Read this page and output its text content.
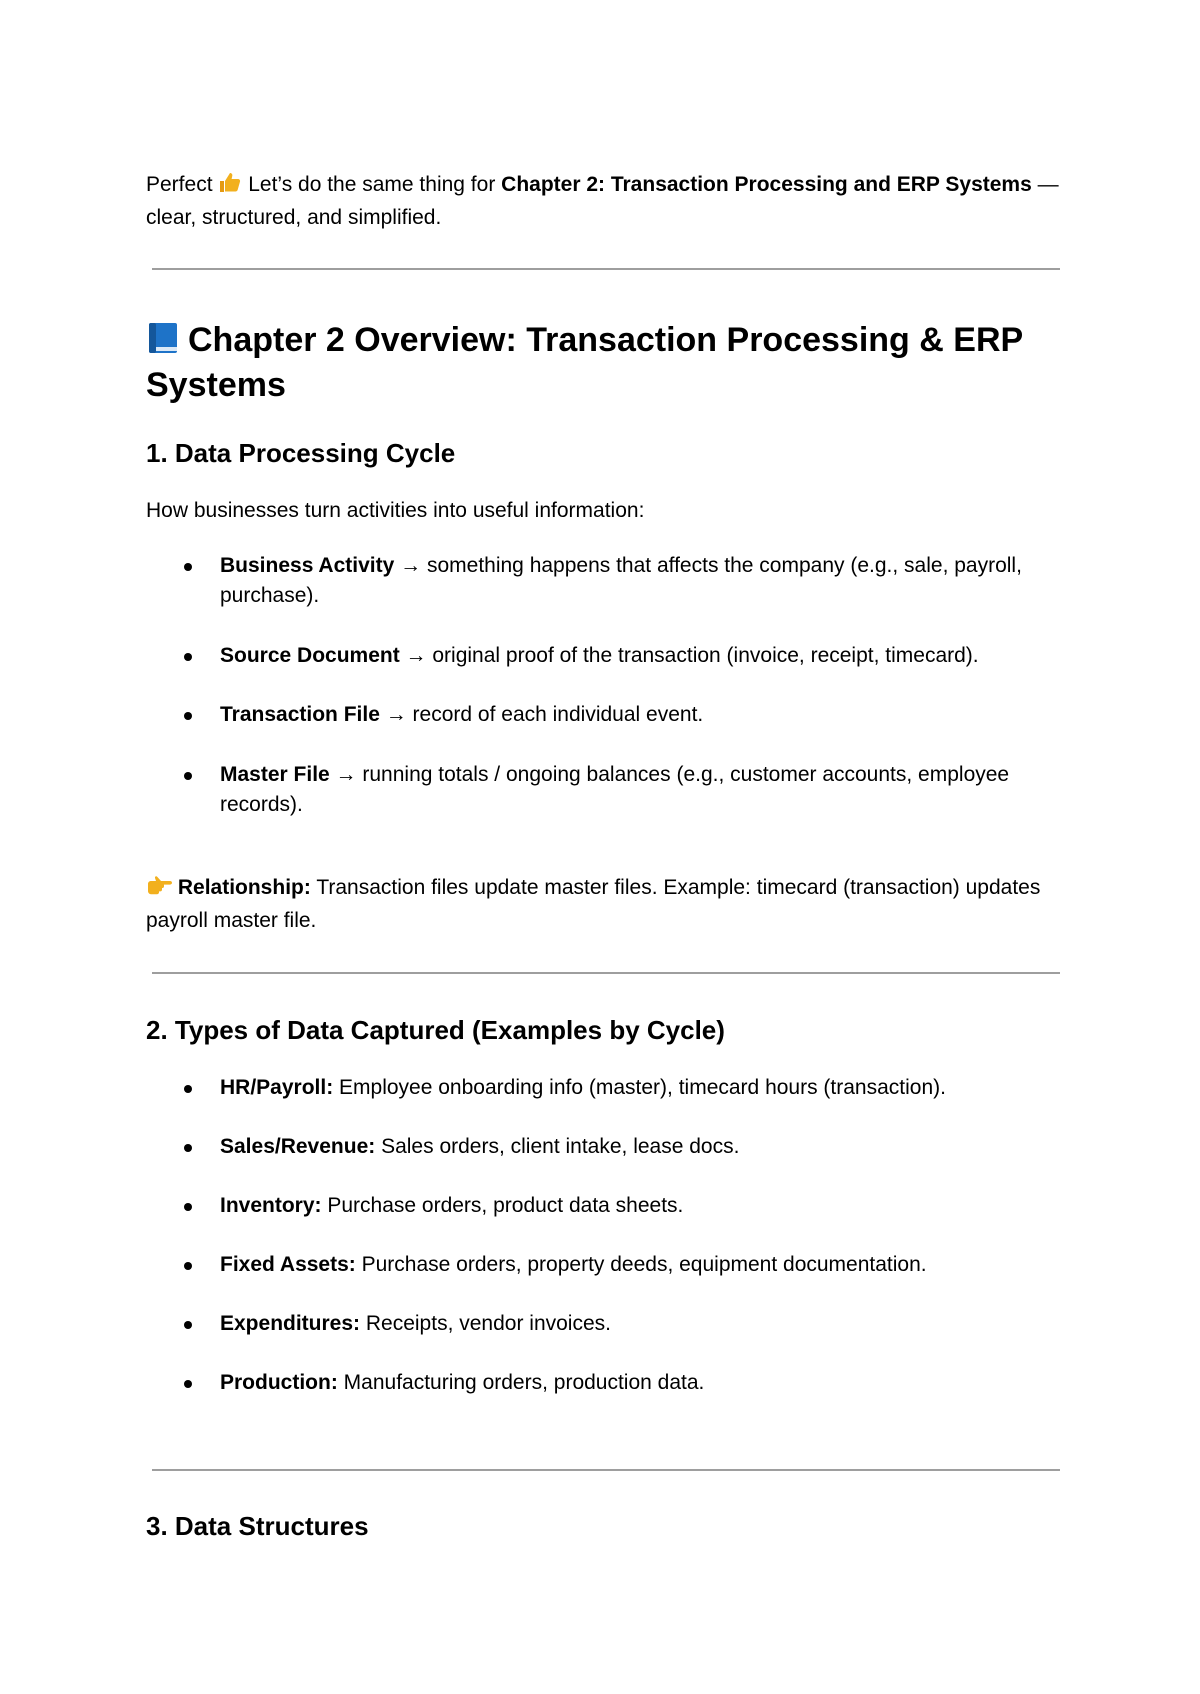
Perfect  Let’s do the same thing for Chapter 2: Transaction Processing and ERP Systems — clear, structured, and simplified.
Chapter 2 Overview: Transaction Processing & ERP Systems
1. Data Processing Cycle
How businesses turn activities into useful information:
Business Activity → something happens that affects the company (e.g., sale, payroll, purchase).
Source Document → original proof of the transaction (invoice, receipt, timecard).
Transaction File → record of each individual event.
Master File → running totals / ongoing balances (e.g., customer accounts, employee records).
Relationship: Transaction files update master files. Example: timecard (transaction) updates payroll master file.
2. Types of Data Captured (Examples by Cycle)
HR/Payroll: Employee onboarding info (master), timecard hours (transaction).
Sales/Revenue: Sales orders, client intake, lease docs.
Inventory: Purchase orders, product data sheets.
Fixed Assets: Purchase orders, property deeds, equipment documentation.
Expenditures: Receipts, vendor invoices.
Production: Manufacturing orders, production data.
3. Data Structures
